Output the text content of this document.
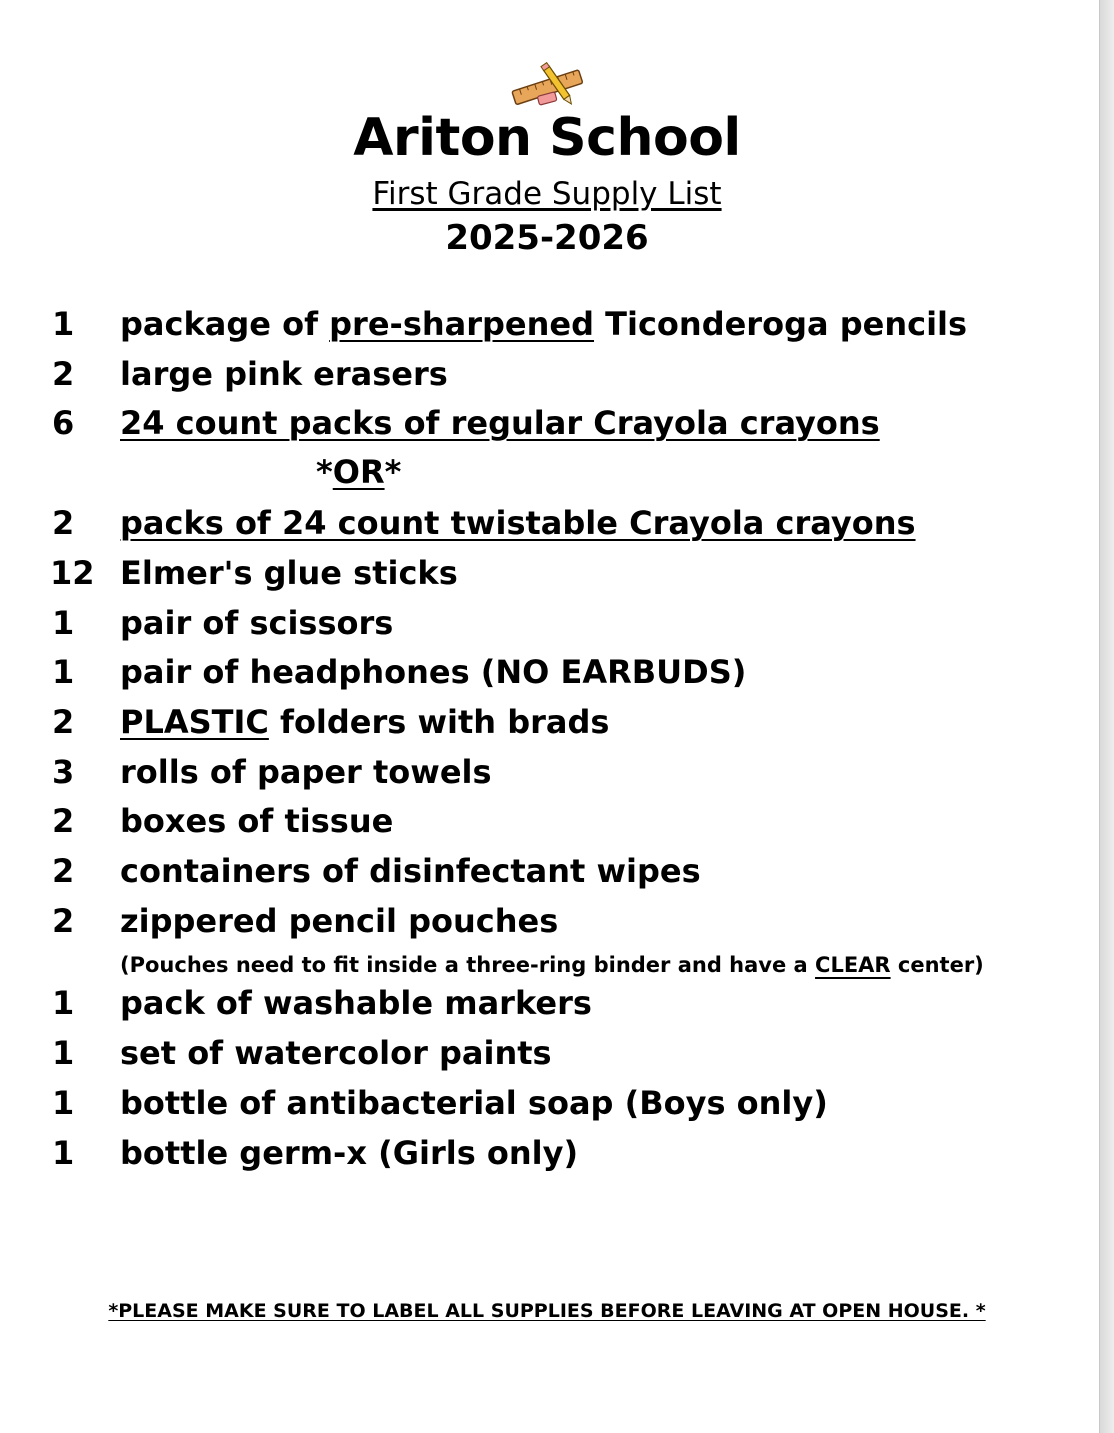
Ariton School
First Grade Supply List
2025-2026
1 package of pre-sharpened Ticonderoga pencils
2 large pink erasers
6 24 count packs of regular Crayola crayons
*OR*
2 packs of 24 count twistable Crayola crayons
12 Elmer's glue sticks
1 pair of scissors
1 pair of headphones (NO EARBUDS)
2 PLASTIC folders with brads
3 rolls of paper towels
2 boxes of tissue
2 containers of disinfectant wipes
2 zippered pencil pouches
(Pouches need to fit inside a three-ring binder and have a CLEAR center)
1 pack of washable markers
1 set of watercolor paints
1 bottle of antibacterial soap (Boys only)
1 bottle germ-x (Girls only)
*PLEASE MAKE SURE TO LABEL ALL SUPPLIES BEFORE LEAVING AT OPEN HOUSE. *
